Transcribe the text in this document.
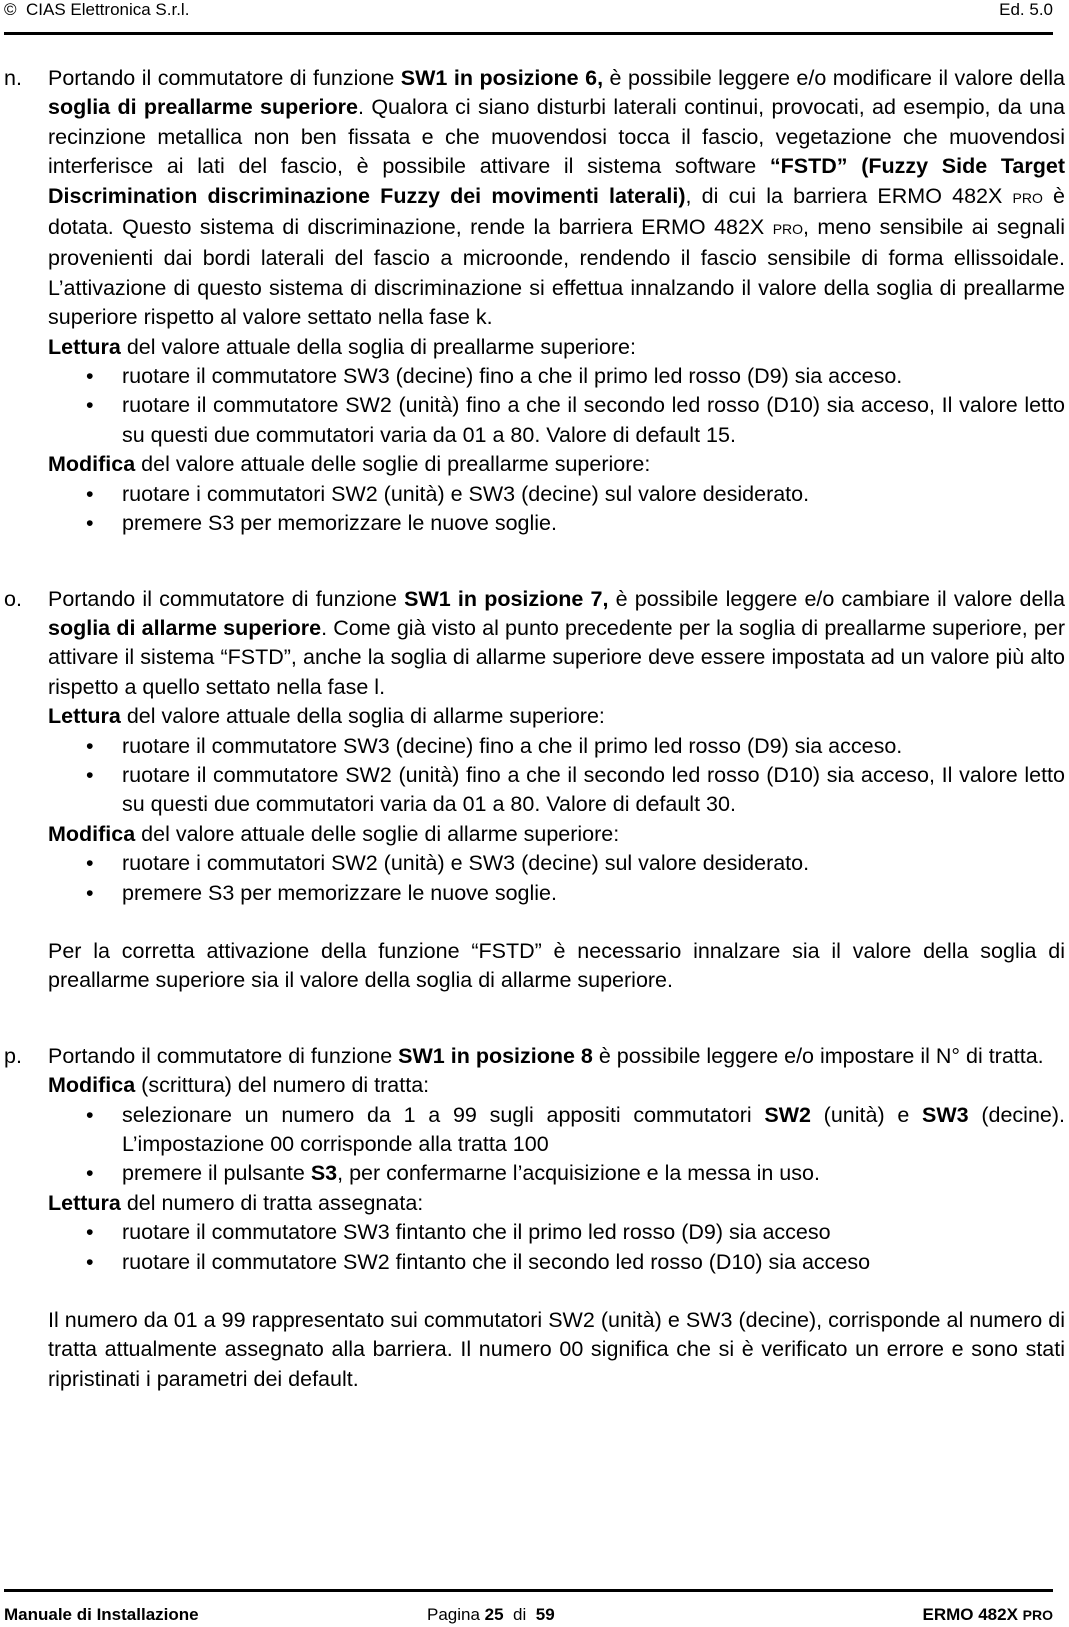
© CIAS Elettronica S.r.l.	Ed. 5.0
n. Portando il commutatore di funzione SW1 in posizione 6, è possibile leggere e/o modificare il valore della soglia di preallarme superiore. Qualora ci siano disturbi laterali continui, provocati, ad esempio, da una recinzione metallica non ben fissata e che muovendosi tocca il fascio, vegetazione che muovendosi interferisce ai lati del fascio, è possibile attivare il sistema software “FSTD” (Fuzzy Side Target Discrimination discriminazione Fuzzy dei movimenti laterali), di cui la barriera ERMO 482X PRO è dotata. Questo sistema di discriminazione, rende la barriera ERMO 482X PRO, meno sensibile ai segnali provenienti dai bordi laterali del fascio a microonde, rendendo il fascio sensibile di forma ellissoidale. L’attivazione di questo sistema di discriminazione si effettua innalzando il valore della soglia di preallarme superiore rispetto al valore settato nella fase k.

Lettura del valore attuale della soglia di preallarme superiore:

• ruotare il commutatore SW3 (decine) fino a che il primo led rosso (D9) sia acceso.

• ruotare il commutatore SW2 (unità) fino a che il secondo led rosso (D10) sia acceso, Il valore letto su questi due commutatori varia da 01 a 80. Valore di default 15.

Modifica del valore attuale delle soglie di preallarme superiore:

• ruotare i commutatori SW2 (unità) e SW3 (decine) sul valore desiderato.

• premere S3 per memorizzare le nuove soglie.

o. Portando il commutatore di funzione SW1 in posizione 7, è possibile leggere e/o cambiare il valore della soglia di allarme superiore. Come già visto al punto precedente per la soglia di preallarme superiore, per attivare il sistema “FSTD”, anche la soglia di allarme superiore deve essere impostata ad un valore più alto rispetto a quello settato nella fase l.

Lettura del valore attuale della soglia di allarme superiore:

• ruotare il commutatore SW3 (decine) fino a che il primo led rosso (D9) sia acceso.

• ruotare il commutatore SW2 (unità) fino a che il secondo led rosso (D10) sia acceso, Il valore letto su questi due commutatori varia da 01 a 80. Valore di default 30.

Modifica del valore attuale delle soglie di allarme superiore:

• ruotare i commutatori SW2 (unità) e SW3 (decine) sul valore desiderato.

• premere S3 per memorizzare le nuove soglie.

Per la corretta attivazione della funzione “FSTD” è necessario innalzare sia il valore della soglia di preallarme superiore sia il valore della soglia di allarme superiore.

p. Portando il commutatore di funzione SW1 in posizione 8 è possibile leggere e/o impostare il N° di tratta.

Modifica (scrittura) del numero di tratta:

• selezionare un numero da 1 a 99 sugli appositi commutatori SW2 (unità) e SW3 (decine). L’impostazione 00 corrisponde alla tratta 100

• premere il pulsante S3, per confermarne l’acquisizione e la messa in uso.

Lettura del numero di tratta assegnata:

• ruotare il commutatore SW3 fintanto che il primo led rosso (D9) sia acceso

• ruotare il commutatore SW2 fintanto che il secondo led rosso (D10) sia acceso

Il numero da 01 a 99 rappresentato sui commutatori SW2 (unità) e SW3 (decine), corrisponde al numero di tratta attualmente assegnato alla barriera. Il numero 00 significa che si è verificato un errore e sono stati ripristinati i parametri dei default.

Manuale di Installazione	Pagina 25 di 59	ERMO 482X PRO
